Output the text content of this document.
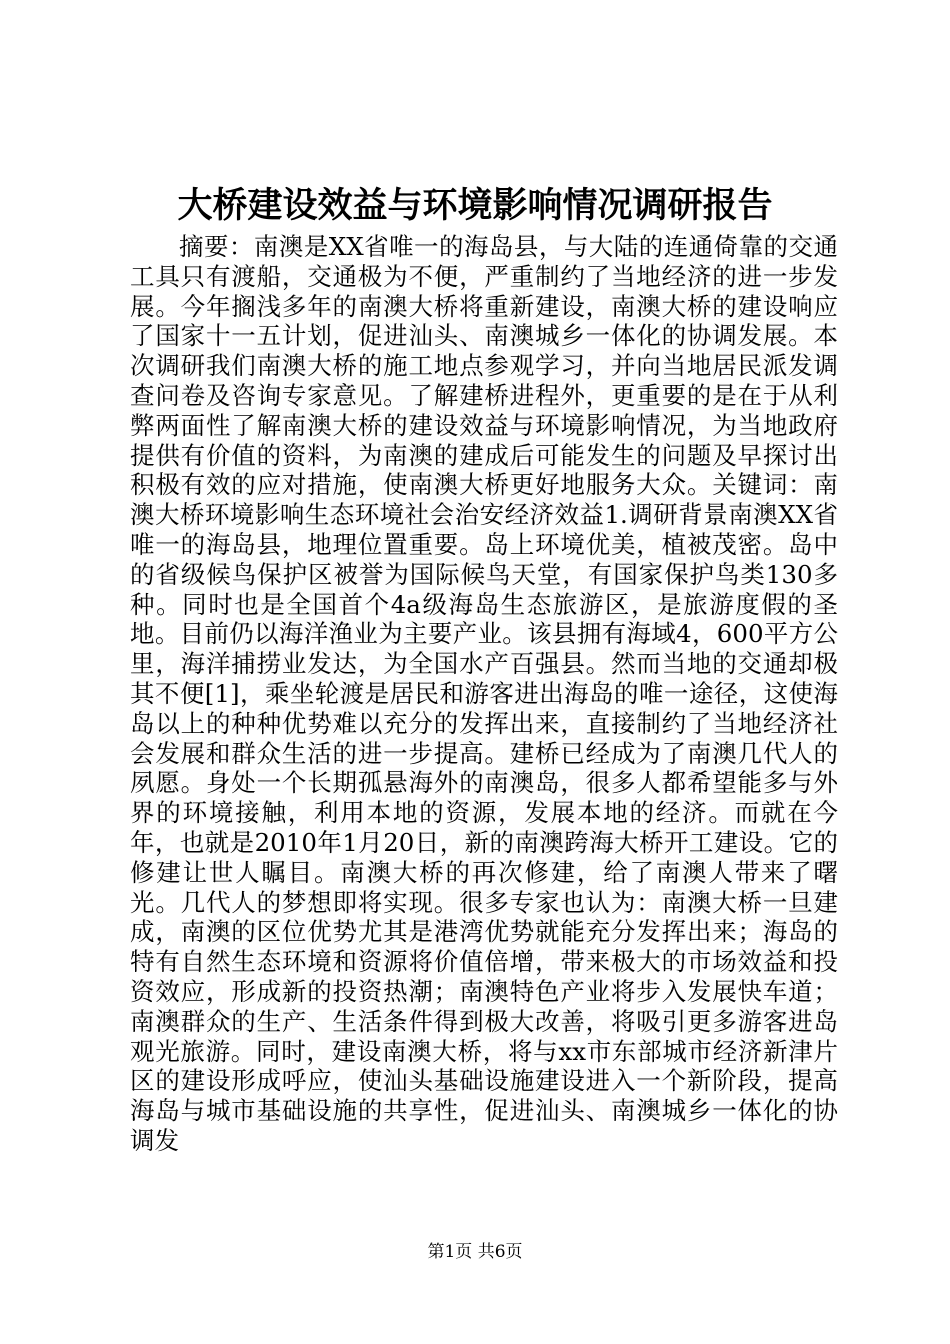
大桥建设效益与环境影响情况调研报告

摘要：南澳是XX省唯一的海岛县，与大陆的连通倚靠的交通工具只有渡船，交通极为不便，严重制约了当地经济的进一步发展。今年搁浅多年的南澳大桥将重新建设，南澳大桥的建设响应了国家十一五计划，促进汕头、南澳城乡一体化的协调发展。本次调研我们南澳大桥的施工地点参观学习，并向当地居民派发调查问卷及咨询专家意见。了解建桥进程外，更重要的是在于从利弊两面性了解南澳大桥的建设效益与环境影响情况，为当地政府提供有价值的资料，为南澳的建成后可能发生的问题及早探讨出积极有效的应对措施，使南澳大桥更好地服务大众。关键词：南澳大桥环境影响生态环境社会治安经济效益1.调研背景南澳XX省唯一的海岛县，地理位置重要。岛上环境优美，植被茂密。岛中的省级候鸟保护区被誉为国际候鸟天堂，有国家保护鸟类130多种。同时也是全国首个4a级海岛生态旅游区，是旅游度假的圣地。目前仍以海洋渔业为主要产业。该县拥有海域4，600平方公里，海洋捕捞业发达，为全国水产百强县。然而当地的交通却极其不便[1]，乘坐轮渡是居民和游客进出海岛的唯一途径，这使海岛以上的种种优势难以充分的发挥出来，直接制约了当地经济社会发展和群众生活的进一步提高。建桥已经成为了南澳几代人的夙愿。身处一个长期孤悬海外的南澳岛，很多人都希望能多与外界的环境接触，利用本地的资源，发展本地的经济。而就在今年，也就是2010年1月20日，新的南澳跨海大桥开工建设。它的修建让世人瞩目。南澳大桥的再次修建，给了南澳人带来了曙光。几代人的梦想即将实现。很多专家也认为：南澳大桥一旦建成，南澳的区位优势尤其是港湾优势就能充分发挥出来；海岛的特有自然生态环境和资源将价值倍增，带来极大的市场效益和投资效应，形成新的投资热潮；南澳特色产业将步入发展快车道；南澳群众的生产、生活条件得到极大改善，将吸引更多游客进岛观光旅游。同时，建设南澳大桥，将与xx市东部城市经济新津片区的建设形成呼应，使汕头基础设施建设进入一个新阶段，提高海岛与城市基础设施的共享性，促进汕头、南澳城乡一体化的协调发

第1页 共6页
